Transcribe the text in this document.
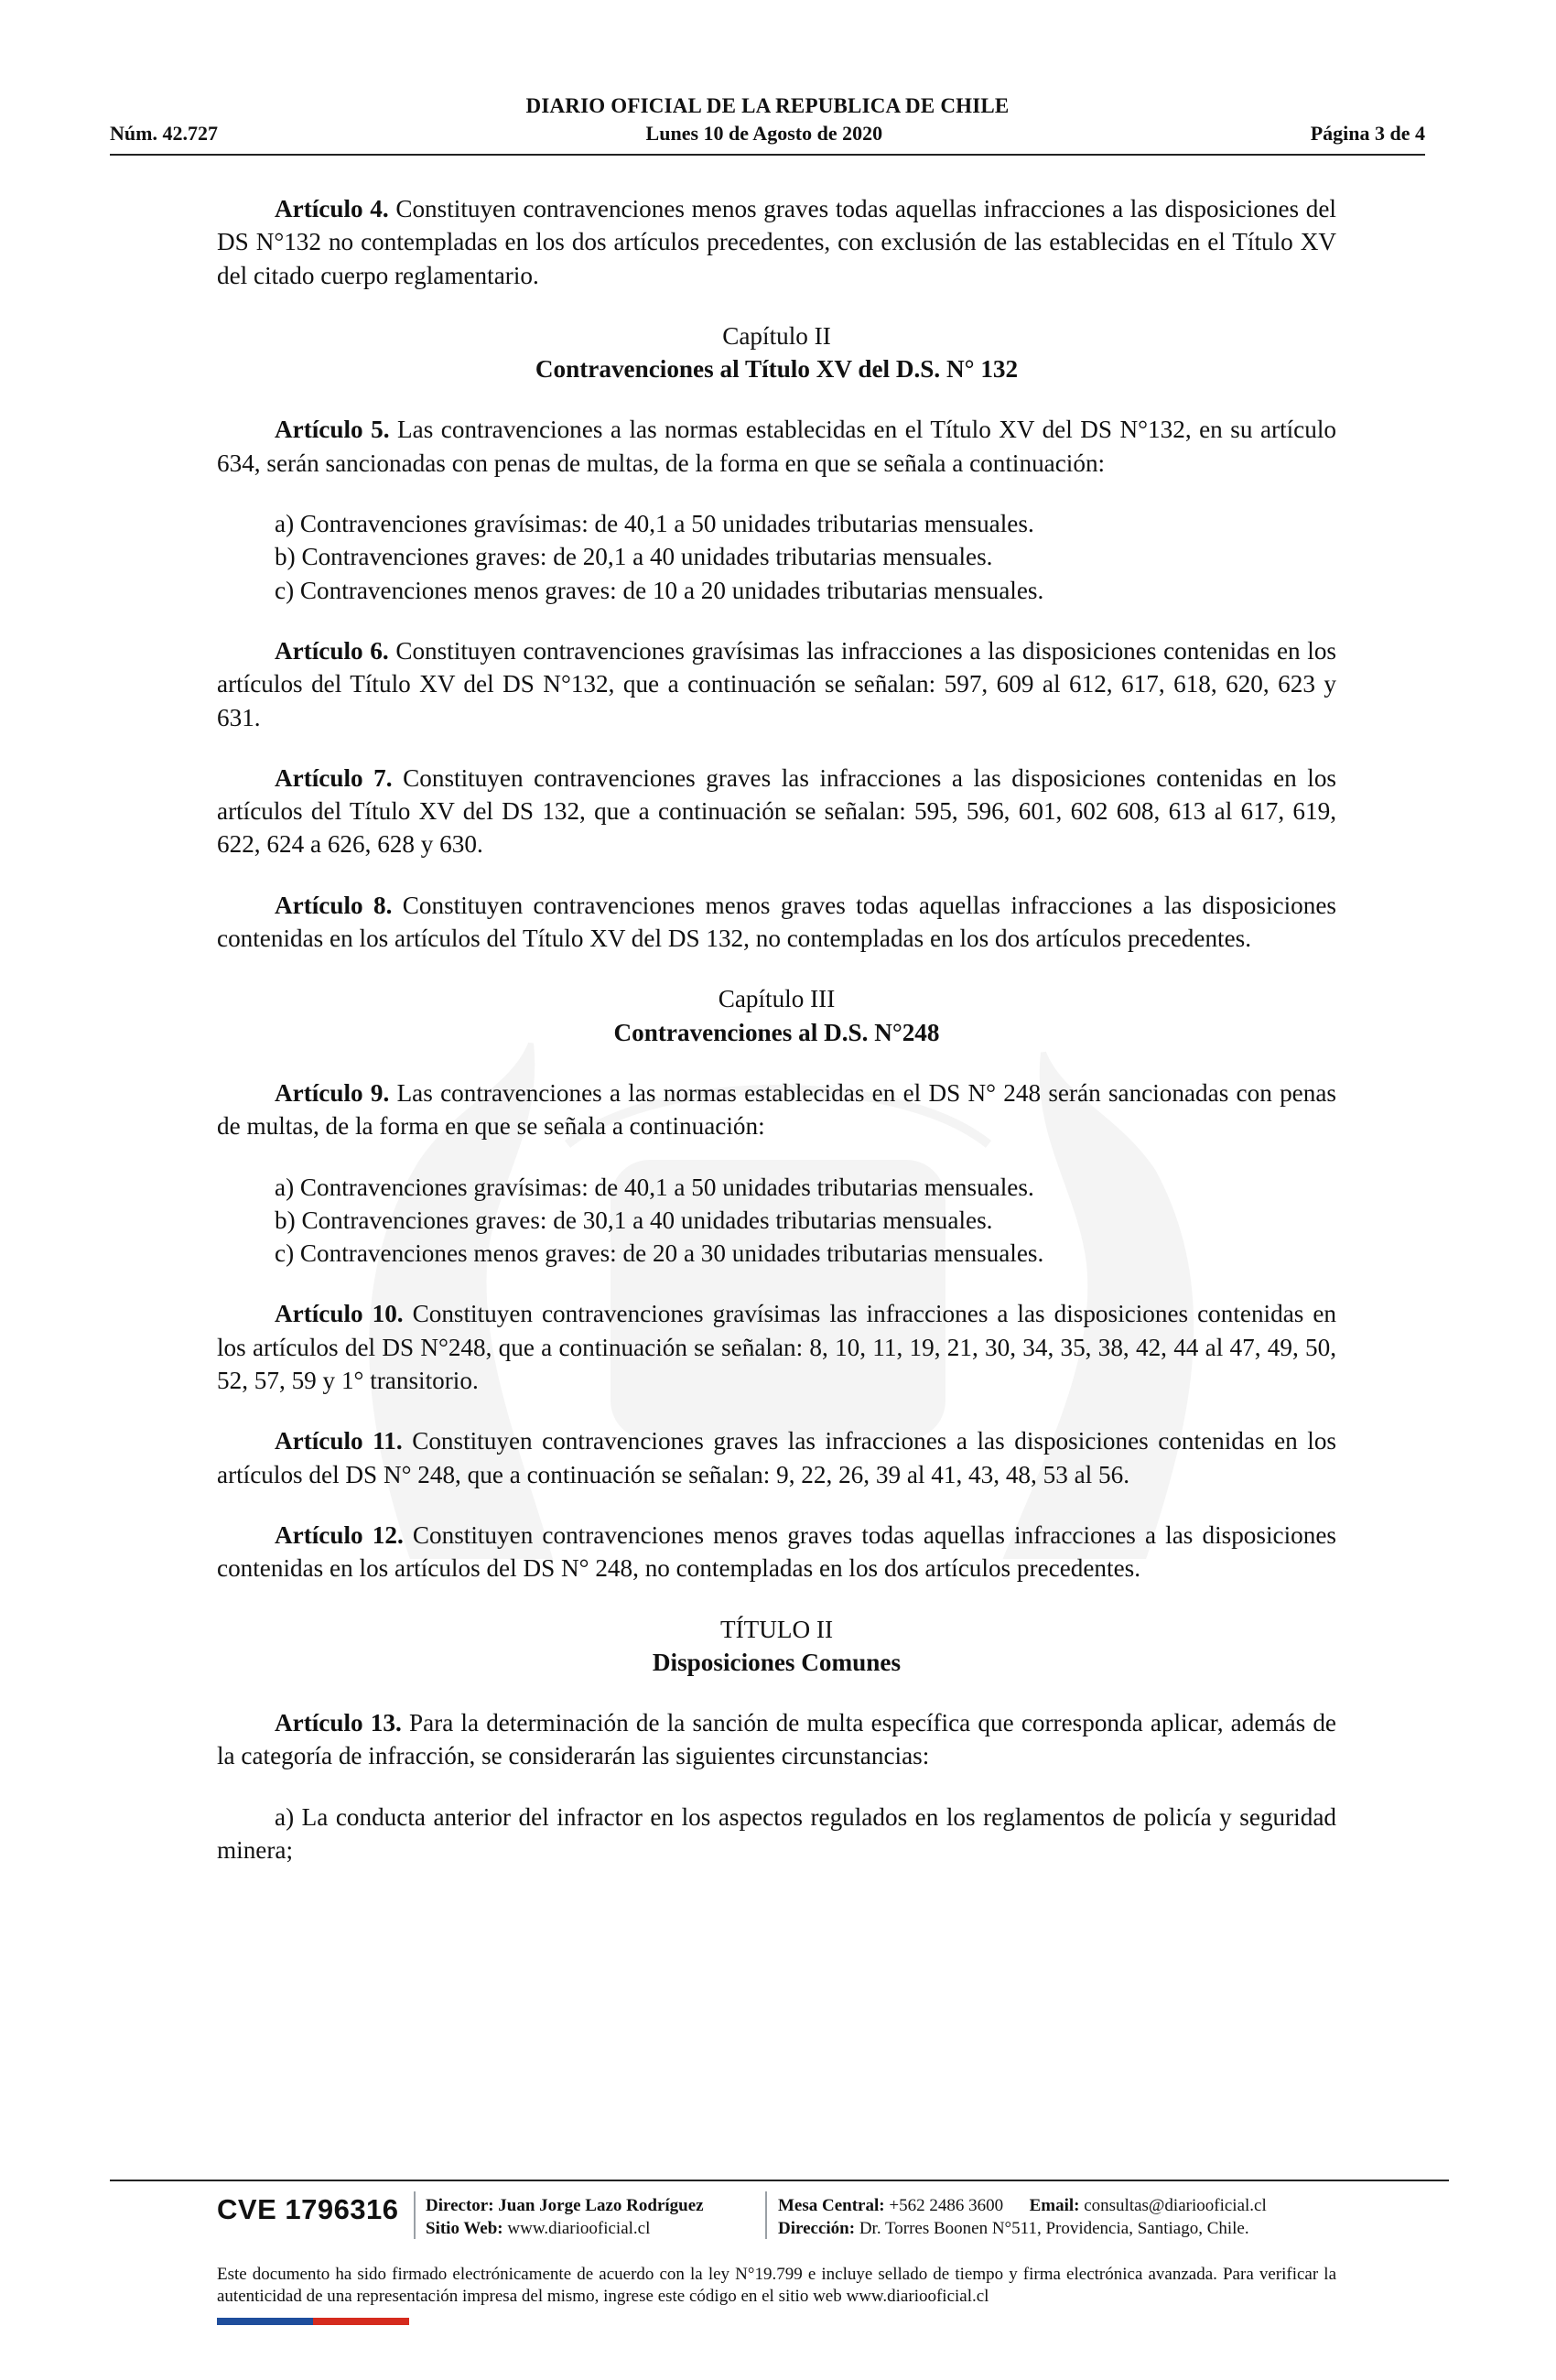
DIARIO OFICIAL DE LA REPUBLICA DE CHILE
Núm. 42.727	Lunes 10 de Agosto de 2020	Página 3 de 4

Artículo 4. Constituyen contravenciones menos graves todas aquellas infracciones a las disposiciones del DS N°132 no contempladas en los dos artículos precedentes, con exclusión de las establecidas en el Título XV del citado cuerpo reglamentario.

Capítulo II

Contravenciones al Título XV del D.S. N° 132

Artículo 5. Las contravenciones a las normas establecidas en el Título XV del DS N°132, en su artículo 634, serán sancionadas con penas de multas, de la forma en que se señala a continuación:

a) Contravenciones gravísimas: de 40,1 a 50 unidades tributarias mensuales.

b) Contravenciones graves: de 20,1 a 40 unidades tributarias mensuales.

c) Contravenciones menos graves: de 10 a 20 unidades tributarias mensuales.

Artículo 6. Constituyen contravenciones gravísimas las infracciones a las disposiciones contenidas en los artículos del Título XV del DS N°132, que a continuación se señalan: 597, 609 al 612, 617, 618, 620, 623 y 631.

Artículo 7. Constituyen contravenciones graves las infracciones a las disposiciones contenidas en los artículos del Título XV del DS 132, que a continuación se señalan: 595, 596, 601, 602 608, 613 al 617, 619, 622, 624 a 626, 628 y 630.

Artículo 8. Constituyen contravenciones menos graves todas aquellas infracciones a las disposiciones contenidas en los artículos del Título XV del DS 132, no contempladas en los dos artículos precedentes.

Capítulo III

Contravenciones al D.S. N°248

Artículo 9. Las contravenciones a las normas establecidas en el DS N° 248 serán sancionadas con penas de multas, de la forma en que se señala a continuación:

a) Contravenciones gravísimas: de 40,1 a 50 unidades tributarias mensuales.

b) Contravenciones graves: de 30,1 a 40 unidades tributarias mensuales.

c) Contravenciones menos graves: de 20 a 30 unidades tributarias mensuales.

Artículo 10. Constituyen contravenciones gravísimas las infracciones a las disposiciones contenidas en los artículos del DS N°248, que a continuación se señalan: 8, 10, 11, 19, 21, 30, 34, 35, 38, 42, 44 al 47, 49, 50, 52, 57, 59 y 1° transitorio.

Artículo 11. Constituyen contravenciones graves las infracciones a las disposiciones contenidas en los artículos del DS N° 248, que a continuación se señalan: 9, 22, 26, 39 al 41, 43, 48, 53 al 56.

Artículo 12. Constituyen contravenciones menos graves todas aquellas infracciones a las disposiciones contenidas en los artículos del DS N° 248, no contempladas en los dos artículos precedentes.

TÍTULO II

Disposiciones Comunes

Artículo 13. Para la determinación de la sanción de multa específica que corresponda aplicar, además de la categoría de infracción, se considerarán las siguientes circunstancias:

a) La conducta anterior del infractor en los aspectos regulados en los reglamentos de policía y seguridad minera;

CVE 1796316 Director: Juan Jorge Lazo Rodríguez
Sitio Web: www.diariooficial.cl
Mesa Central: +562 2486 3600 Email: consultas@diariooficial.cl
Dirección: Dr. Torres Boonen N°511, Providencia, Santiago, Chile.
Este documento ha sido firmado electrónicamente de acuerdo con la ley N°19.799 e incluye sellado de tiempo y firma electrónica avanzada. Para verificar la autenticidad de una representación impresa del mismo, ingrese este código en el sitio web www.diariooficial.cl
